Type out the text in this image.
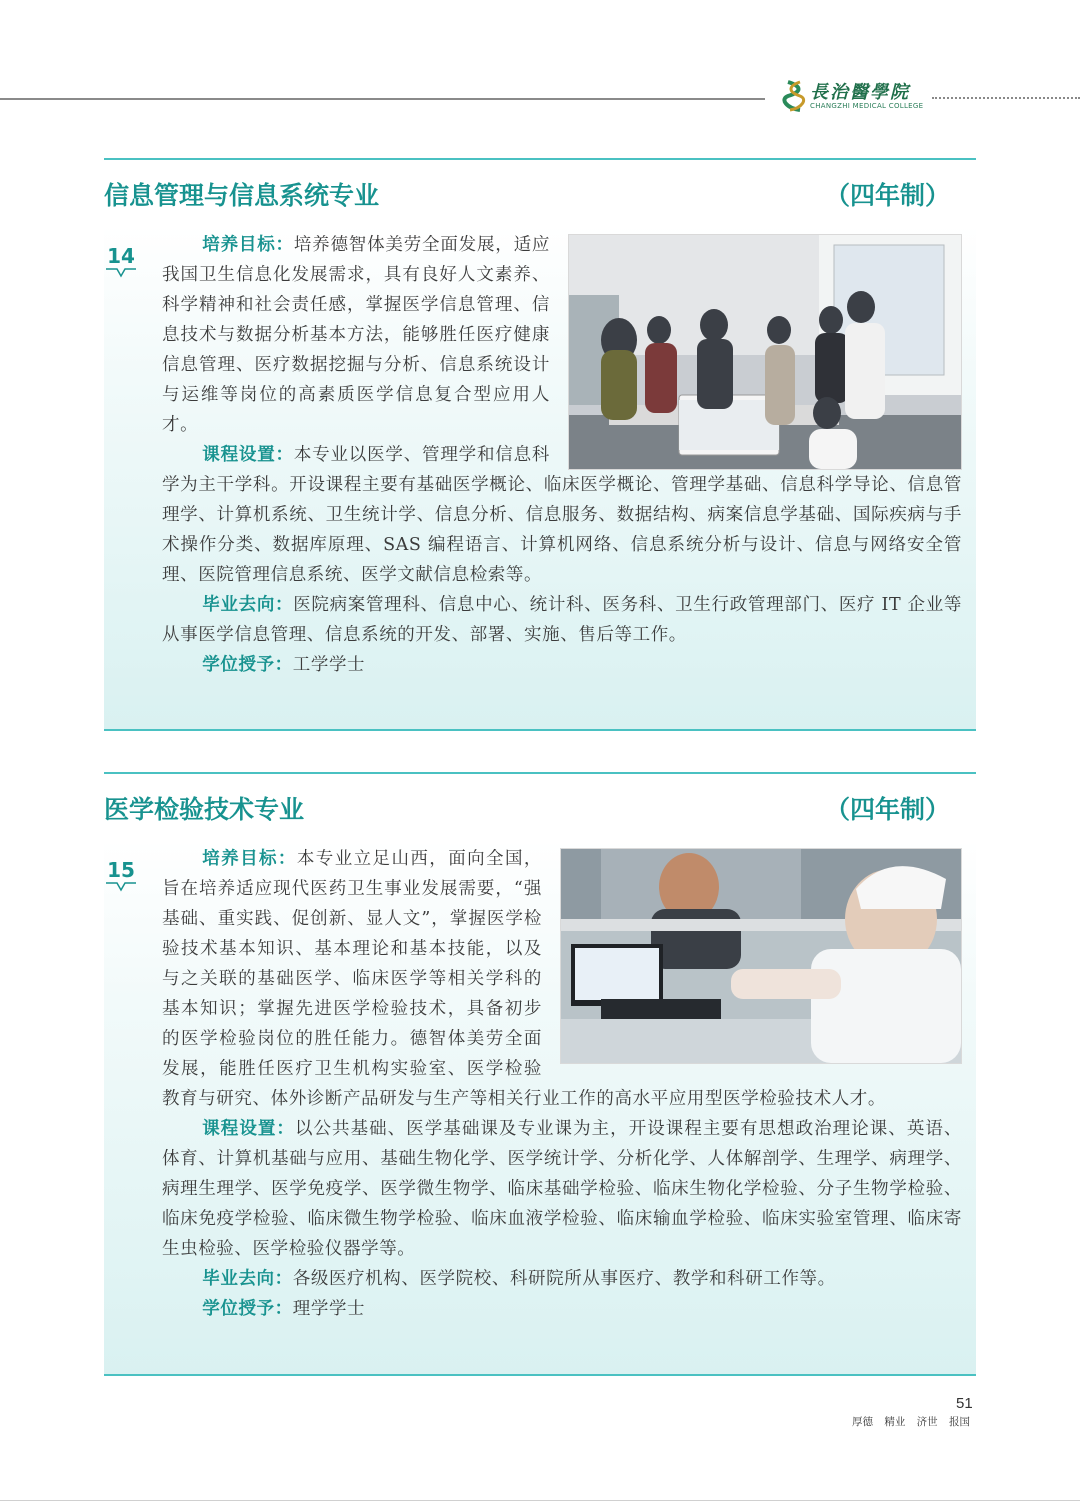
長治醫學院
CHANGZHI MEDICAL COLLEGE
信息管理与信息系统专业	（四年制）
14	培养目标：培养德智体美劳全面发展，适应我国卫生信息化发展需求，具有良好人文素养、科学精神和社会责任感，掌握医学信息管理、信息技术与数据分析基本方法，能够胜任医疗健康信息管理、医疗数据挖掘与分析、信息系统设计与运维等岗位的高素质医学信息复合型应用人才。

课程设置：本专业以医学、管理学和信息科学为主干学科。开设课程主要有基础医学概论、临床医学概论、管理学基础、信息科学导论、信息管理学、计算机系统、卫生统计学、信息分析、信息服务、数据结构、病案信息学基础、国际疾病与手术操作分类、数据库原理、SAS 编程语言、计算机网络、信息系统分析与设计、信息与网络安全管理、医院管理信息系统、医学文献信息检索等。

毕业去向：医院病案管理科、信息中心、统计科、医务科、卫生行政管理部门、医疗 IT 企业等从事医学信息管理、信息系统的开发、部署、实施、售后等工作。

学位授予：工学学士

医学检验技术专业	（四年制）
15	培养目标：本专业立足山西，面向全国，旨在培养适应现代医药卫生事业发展需要，“强基础、重实践、促创新、显人文”，掌握医学检验技术基本知识、基本理论和基本技能，以及与之关联的基础医学、临床医学等相关学科的基本知识；掌握先进医学检验技术，具备初步的医学检验岗位的胜任能力。德智体美劳全面发展，能胜任医疗卫生机构实验室、医学检验教育与研究、体外诊断产品研发与生产等相关行业工作的高水平应用型医学检验技术人才。

课程设置：以公共基础、医学基础课及专业课为主，开设课程主要有思想政治理论课、英语、体育、计算机基础与应用、基础生物化学、医学统计学、分析化学、人体解剖学、生理学、病理学、病理生理学、医学免疫学、医学微生物学、临床基础学检验、临床生物化学检验、分子生物学检验、临床免疫学检验、临床微生物学检验、临床血液学检验、临床输血学检验、临床实验室管理、临床寄生虫检验、医学检验仪器学等。

毕业去向：各级医疗机构、医学院校、科研院所从事医疗、教学和科研工作等。

学位授予：理学学士

51
厚德 精业 济世 报国
